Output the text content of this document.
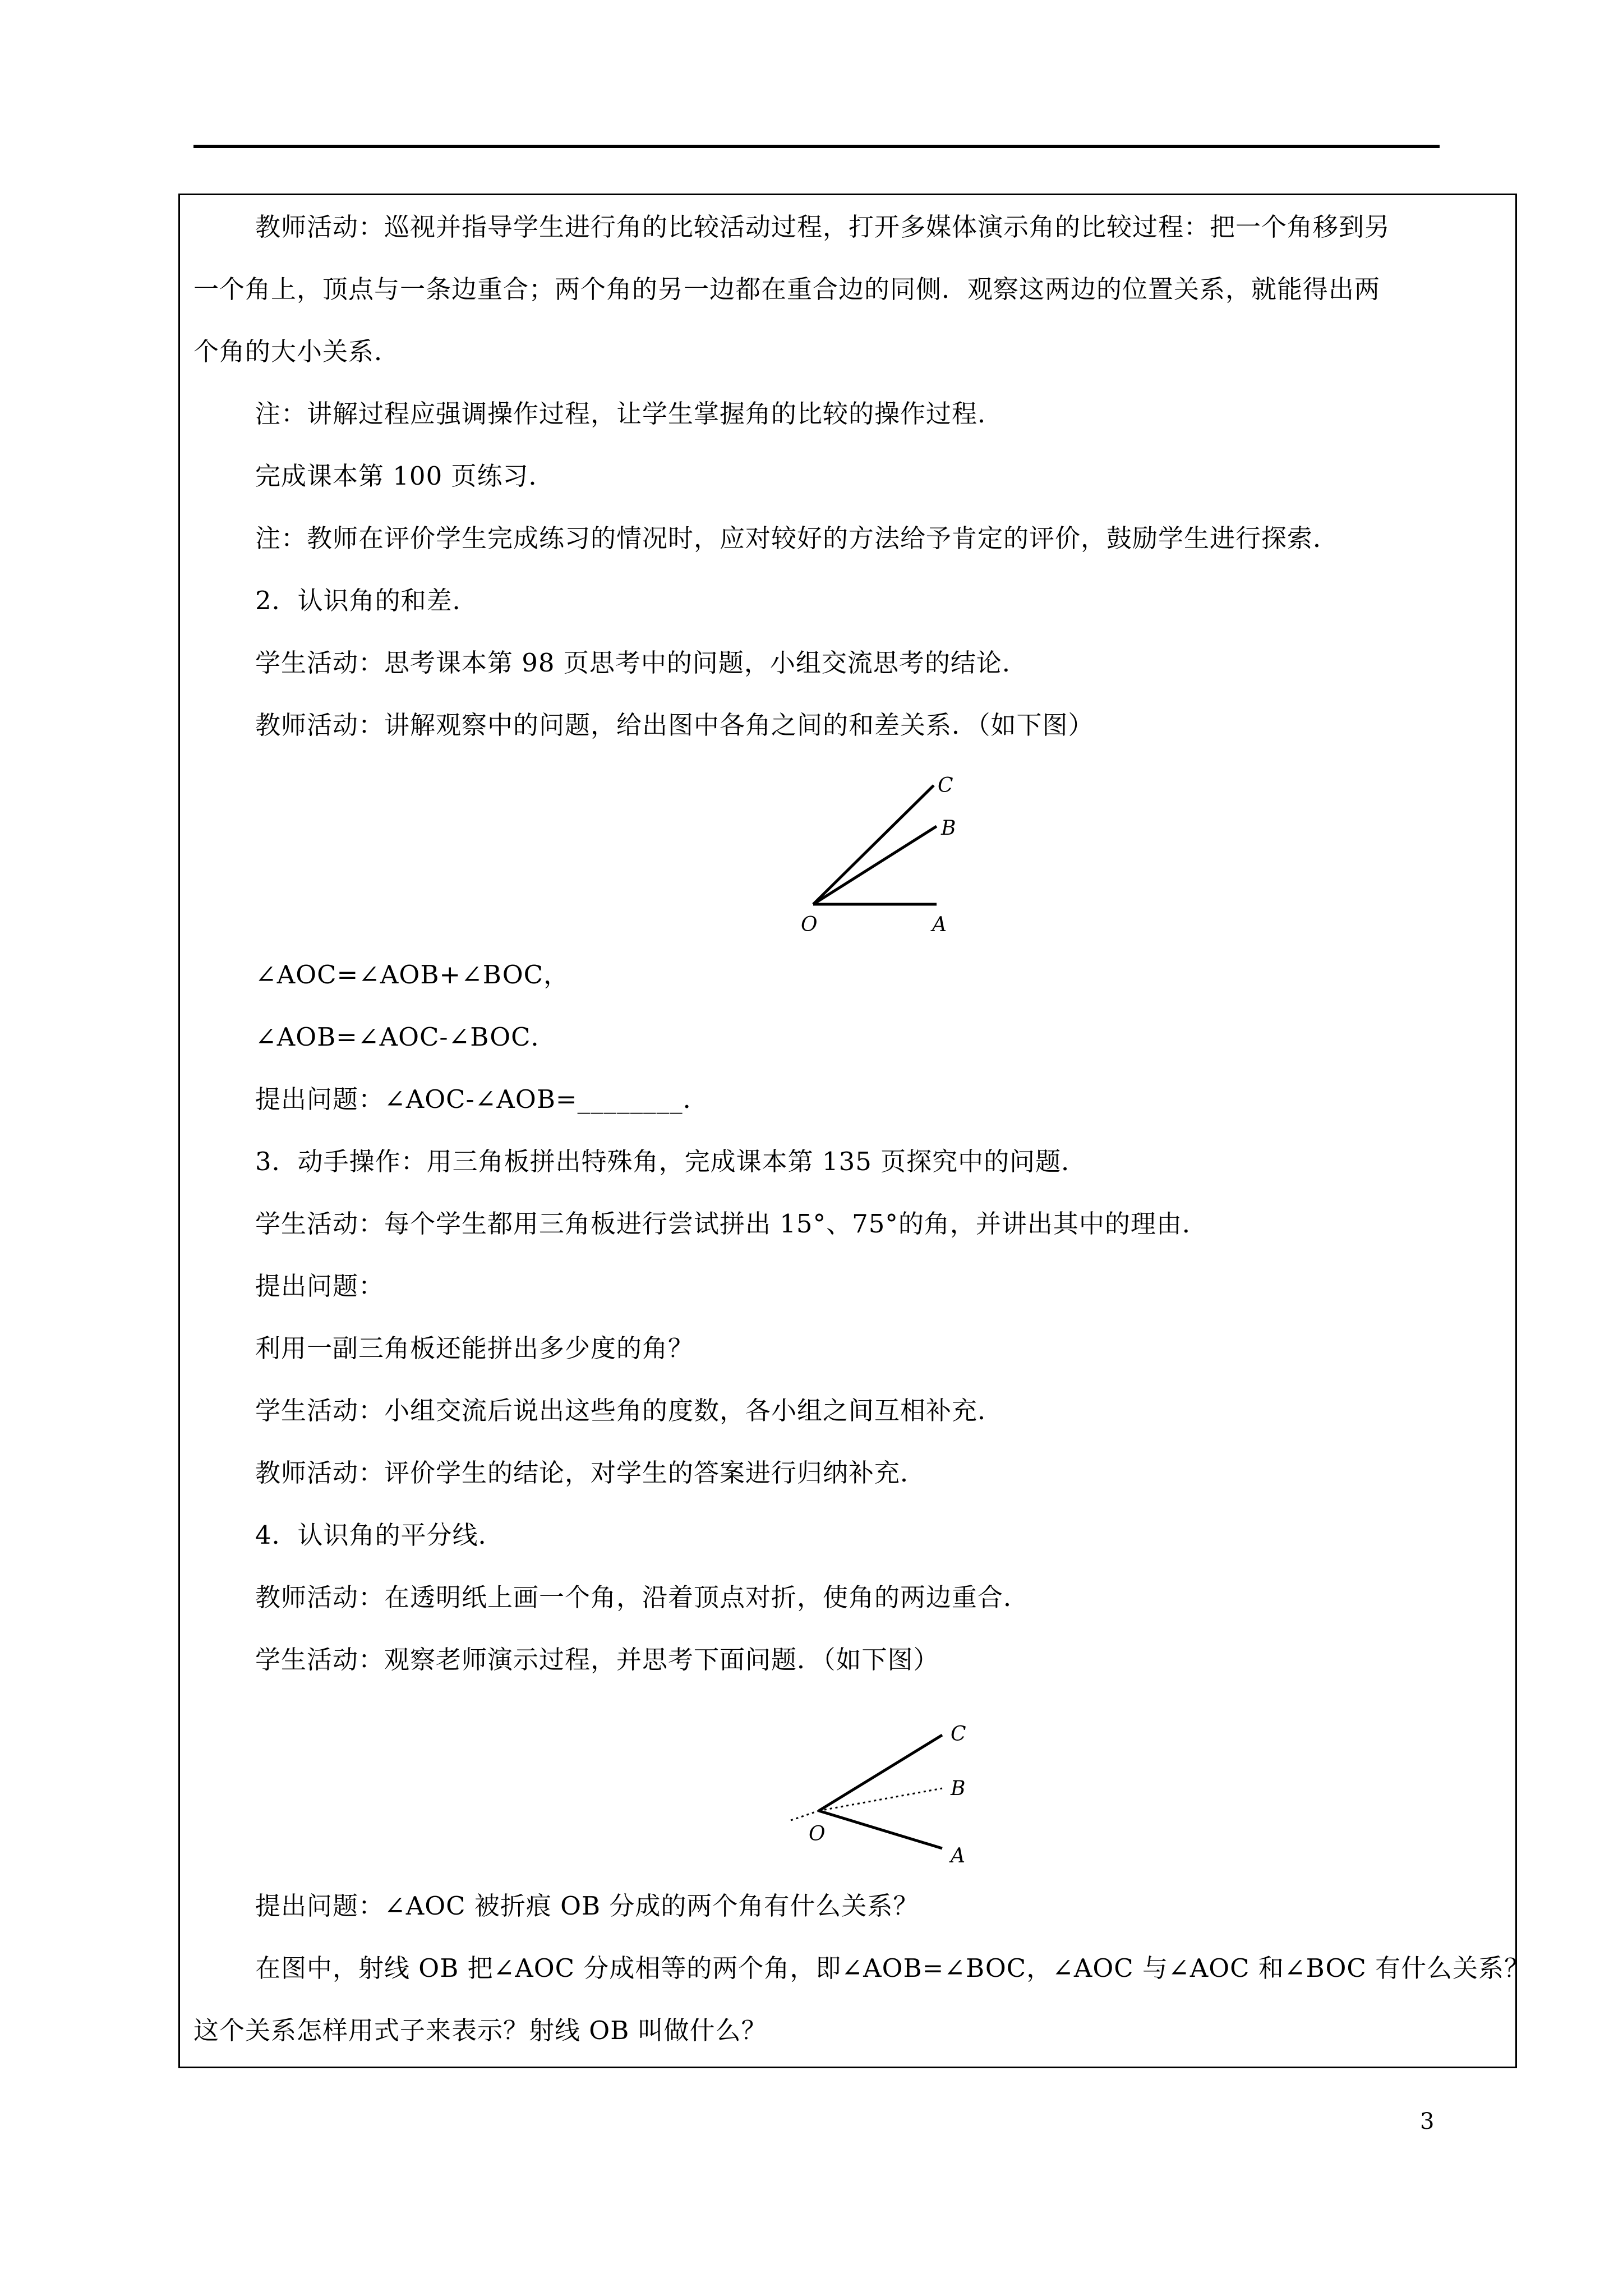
教师活动：巡视并指导学生进行角的比较活动过程，打开多媒体演示角的比较过程：把一个角移到另
一个角上，顶点与一条边重合；两个角的另一边都在重合边的同侧．观察这两边的位置关系，就能得出两
个角的大小关系．
注：讲解过程应强调操作过程，让学生掌握角的比较的操作过程．
完成课本第 100 页练习．
注：教师在评价学生完成练习的情况时，应对较好的方法给予肯定的评价，鼓励学生进行探索．
2．认识角的和差．
学生活动：思考课本第 98 页思考中的问题，小组交流思考的结论．
教师活动：讲解观察中的问题，给出图中各角之间的和差关系．（如下图）
C
B
O	A
∠AOC=∠AOB+∠BOC，
∠AOB=∠AOC-∠BOC．
提出问题：∠AOC-∠AOB=________．
3．动手操作：用三角板拼出特殊角，完成课本第 135 页探究中的问题．
学生活动：每个学生都用三角板进行尝试拼出 15°、75°的角，并讲出其中的理由．
提出问题：
利用一副三角板还能拼出多少度的角？
学生活动：小组交流后说出这些角的度数，各小组之间互相补充．
教师活动：评价学生的结论，对学生的答案进行归纳补充．
4．认识角的平分线．
教师活动：在透明纸上画一个角，沿着顶点对折，使角的两边重合．
学生活动：观察老师演示过程，并思考下面问题．（如下图）
C
B
O
A
提出问题：∠AOC 被折痕 OB 分成的两个角有什么关系？
在图中，射线 OB 把∠AOC 分成相等的两个角，即∠AOB=∠BOC，∠AOC 与∠AOC 和∠BOC 有什么关系？
这个关系怎样用式子来表示？射线 OB 叫做什么？
3
